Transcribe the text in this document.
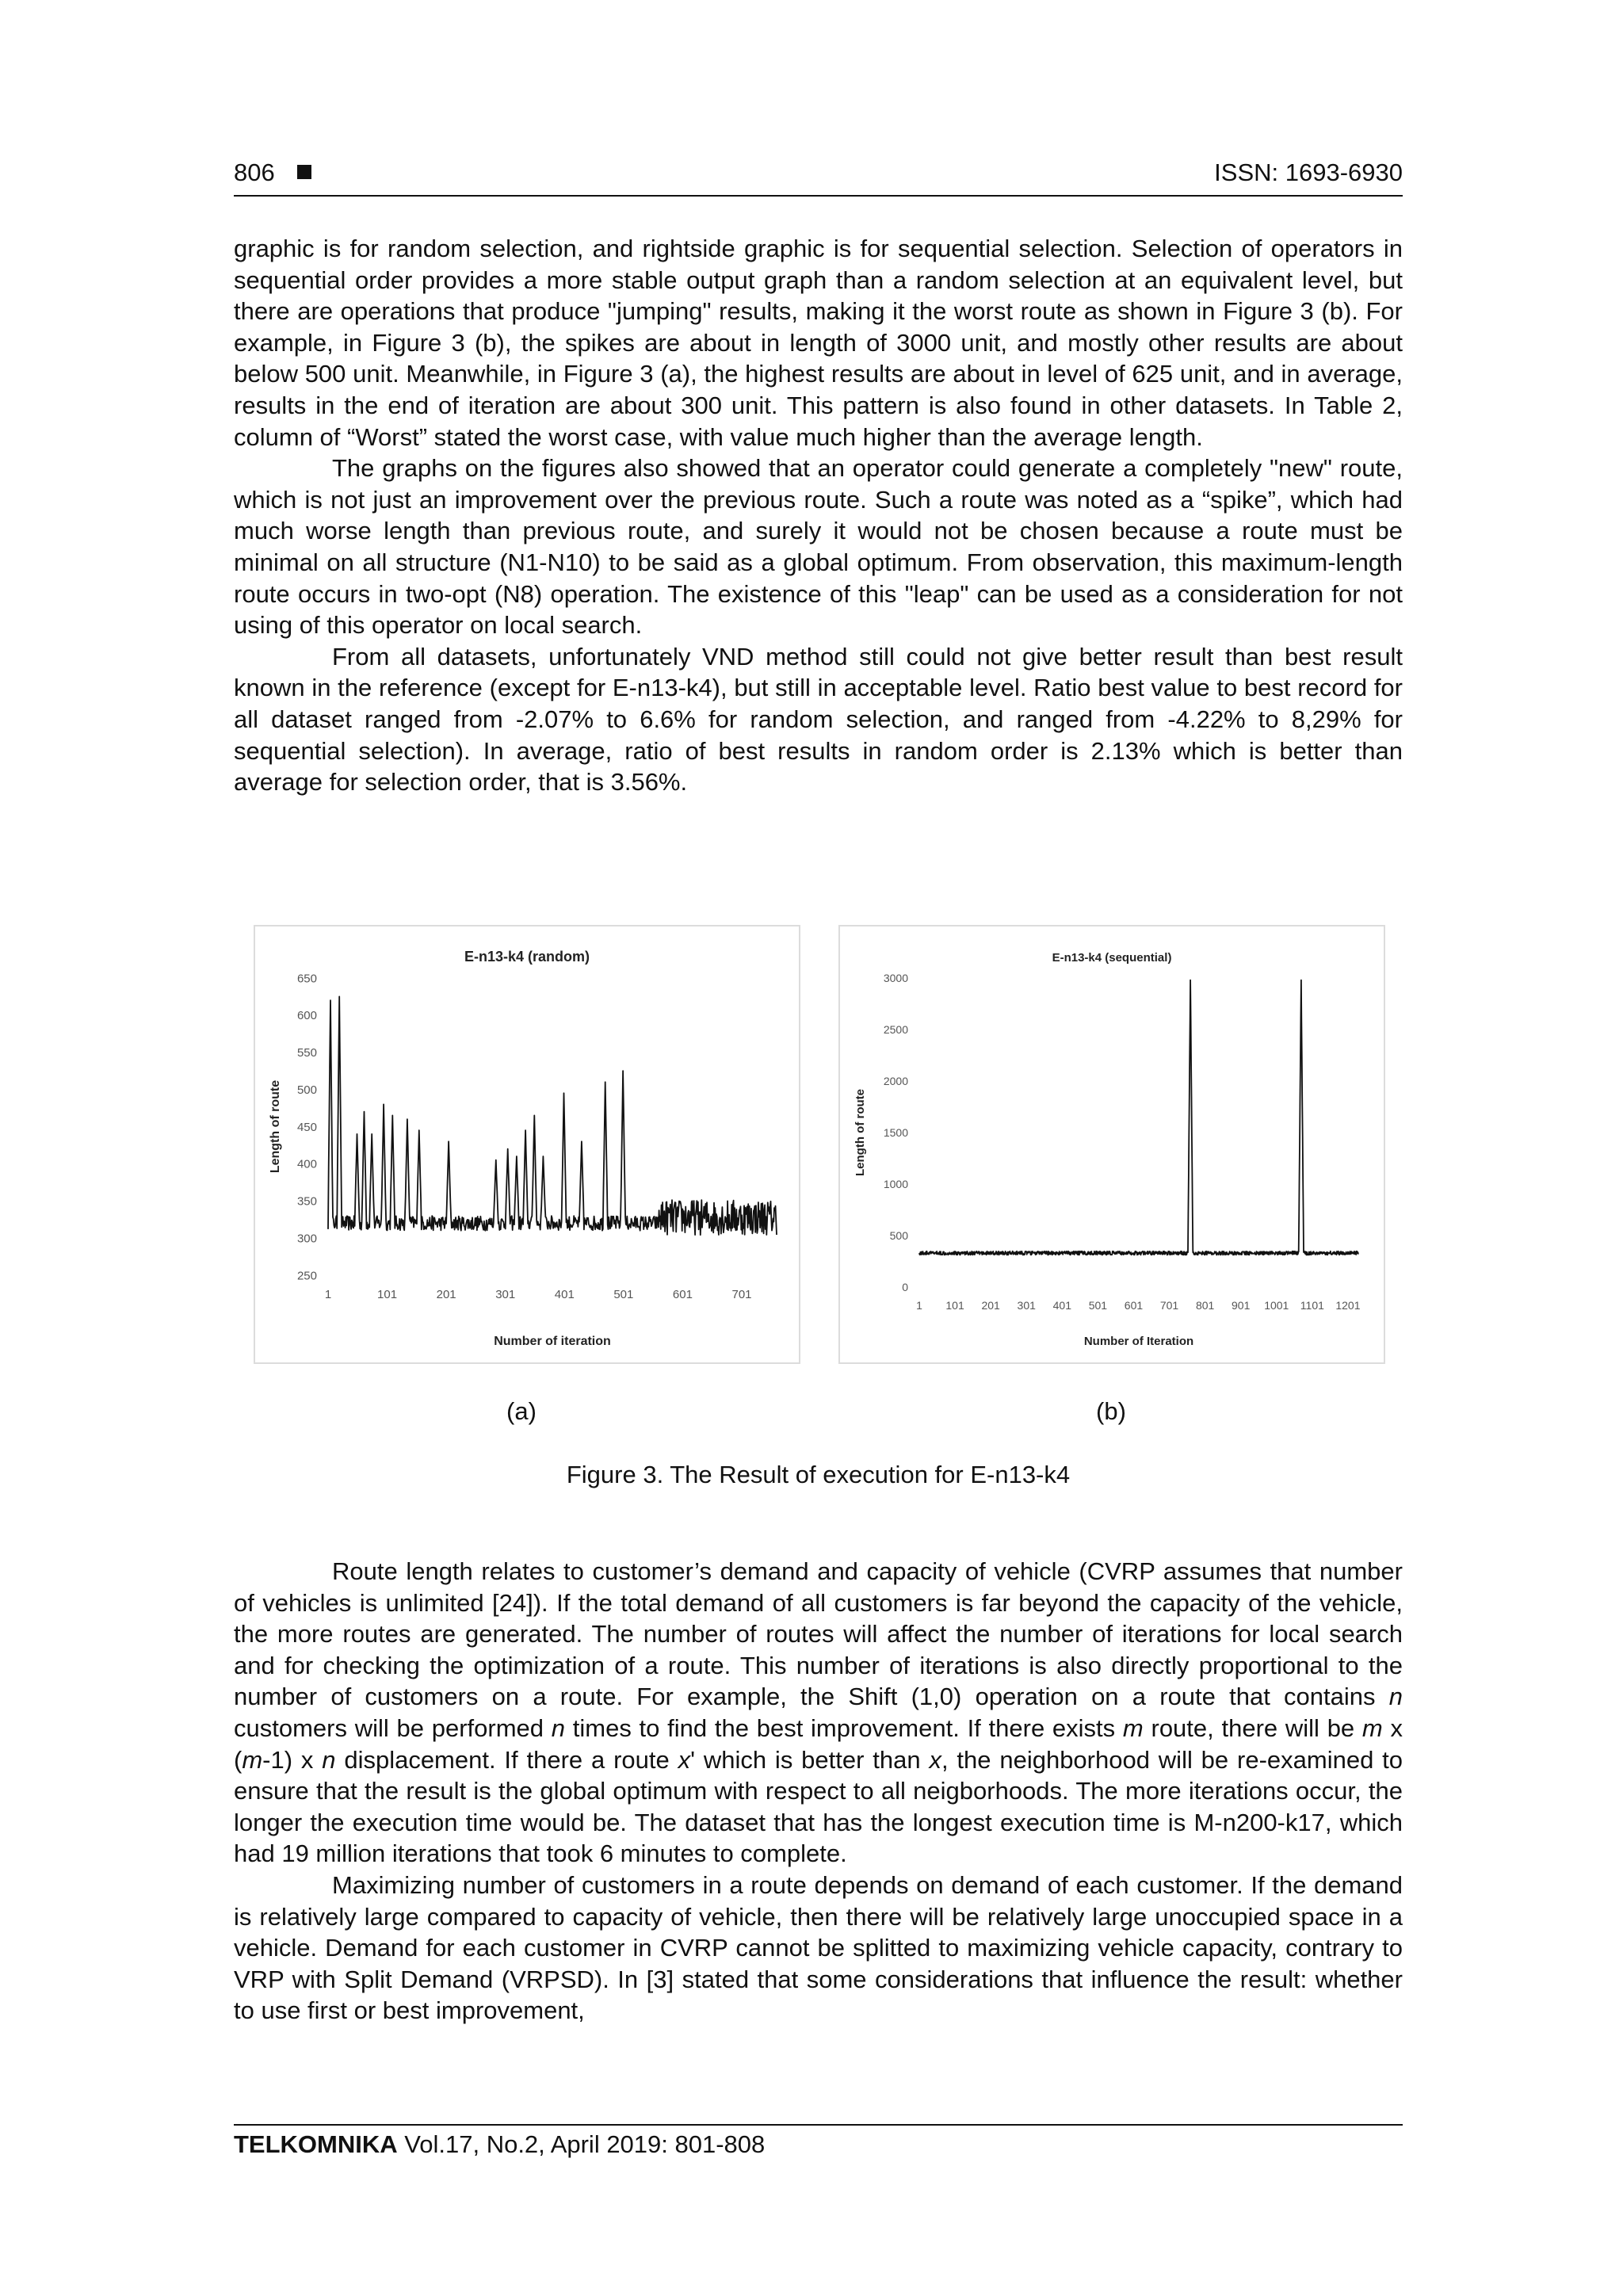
806	ISSN: 1693-6930

graphic is for random selection, and rightside graphic is for sequential selection. Selection of operators in sequential order provides a more stable output graph than a random selection at an equivalent level, but there are operations that produce "jumping" results, making it the worst route as shown in Figure 3 (b). For example, in Figure 3 (b), the spikes are about in length of 3000 unit, and mostly other results are about below 500 unit. Meanwhile, in Figure 3 (a), the highest results are about in level of 625 unit, and in average, results in the end of iteration are about 300 unit. This pattern is also found in other datasets. In Table 2, column of “Worst” stated the worst case, with value much higher than the average length.

The graphs on the figures also showed that an operator could generate a completely "new" route, which is not just an improvement over the previous route. Such a route was noted as a “spike”, which had much worse length than previous route, and surely it would not be chosen because a route must be minimal on all structure (N1-N10) to be said as a global optimum. From observation, this maximum-length route occurs in two-opt (N8) operation. The existence of this "leap" can be used as a consideration for not using of this operator on local search.

From all datasets, unfortunately VND method still could not give better result than best result known in the reference (except for E-n13-k4), but still in acceptable level. Ratio best value to best record for all dataset ranged from -2.07% to 6.6% for random selection, and ranged from -4.22% to 8,29% for sequential selection). In average, ratio of best results in random order is 2.13% which is better than average for selection order, that is 3.56%.

E-n13-k4 (random)
250
300
350
400
450
500
550
600
650
1	101	201	301	401	501	601	701
Number of iteration
Length of route
E-n13-k4 (sequential)
0
500
1000
1500
2000
2500
3000
1 101 201 301 401 501 601 701 801 901 1001 1101 1201
Number of Iteration
Length of route
(a)	(b)
Figure 3. The Result of execution for E-n13-k4

Route length relates to customer’s demand and capacity of vehicle (CVRP assumes that number of vehicles is unlimited [24]). If the total demand of all customers is far beyond the capacity of the vehicle, the more routes are generated. The number of routes will affect the number of iterations for local search and for checking the optimization of a route. This number of iterations is also directly proportional to the number of customers on a route. For example, the Shift (1,0) operation on a route that contains n customers will be performed n times to find the best improvement. If there exists m route, there will be m x (m-1) x n displacement. If there a route x' which is better than x, the neighborhood will be re-examined to ensure that the result is the global optimum with respect to all neigborhoods. The more iterations occur, the longer the execution time would be. The dataset that has the longest execution time is M-n200-k17, which had 19 million iterations that took 6 minutes to complete.

Maximizing number of customers in a route depends on demand of each customer. If the demand is relatively large compared to capacity of vehicle, then there will be relatively large unoccupied space in a vehicle. Demand for each customer in CVRP cannot be splitted to maximizing vehicle capacity, contrary to VRP with Split Demand (VRPSD). In [3] stated that some considerations that influence the result: whether to use first or best improvement,

TELKOMNIKA Vol.17, No.2, April 2019: 801-808
